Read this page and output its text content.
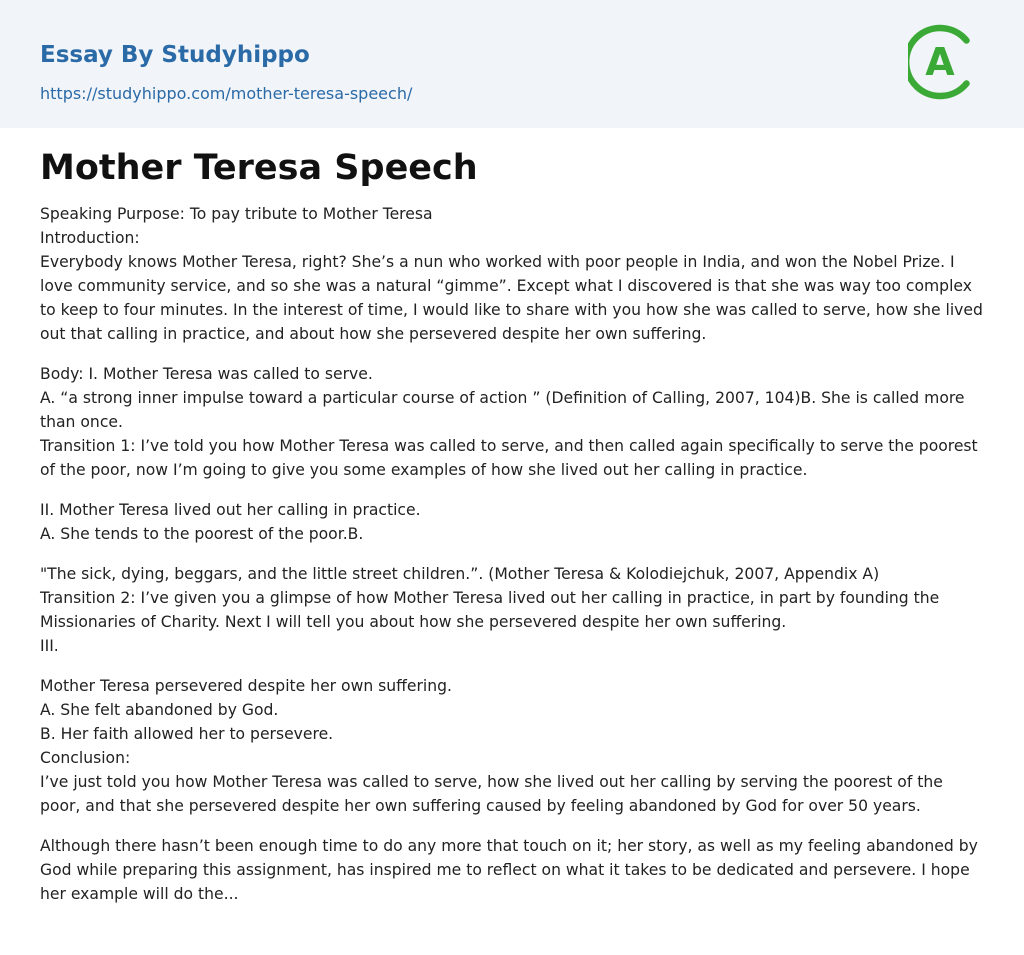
Essay By Studyhippo
https://studyhippo.com/mother-teresa-speech/
A
Mother Teresa Speech

Speaking Purpose: To pay tribute to Mother Teresa
Introduction:
Everybody knows Mother Teresa, right? She’s a nun who worked with poor people in India, and won the Nobel Prize. I love community service, and so she was a natural “gimme”. Except what I discovered is that she was way too complex to keep to four minutes. In the interest of time, I would like to share with you how she was called to serve, how she lived out that calling in practice, and about how she persevered despite her own suffering.

Body: I. Mother Teresa was called to serve.
A. “a strong inner impulse toward a particular course of action ” (Definition of Calling, 2007, 104)B. She is called more than once.
Transition 1: I’ve told you how Mother Teresa was called to serve, and then called again specifically to serve the poorest of the poor, now I’m going to give you some examples of how she lived out her calling in practice.

II. Mother Teresa lived out her calling in practice.
A. She tends to the poorest of the poor.B.

"The sick, dying, beggars, and the little street children.”. (Mother Teresa & Kolodiejchuk, 2007, Appendix A)
Transition 2: I’ve given you a glimpse of how Mother Teresa lived out her calling in practice, in part by founding the Missionaries of Charity. Next I will tell you about how she persevered despite her own suffering.
III.

Mother Teresa persevered despite her own suffering.
A. She felt abandoned by God.
B. Her faith allowed her to persevere.
Conclusion:
I’ve just told you how Mother Teresa was called to serve, how she lived out her calling by serving the poorest of the poor, and that she persevered despite her own suffering caused by feeling abandoned by God for over 50 years.

Although there hasn’t been enough time to do any more that touch on it; her story, as well as my feeling abandoned by God while preparing this assignment, has inspired me to reflect on what it takes to be dedicated and persevere. I hope her example will do the...
